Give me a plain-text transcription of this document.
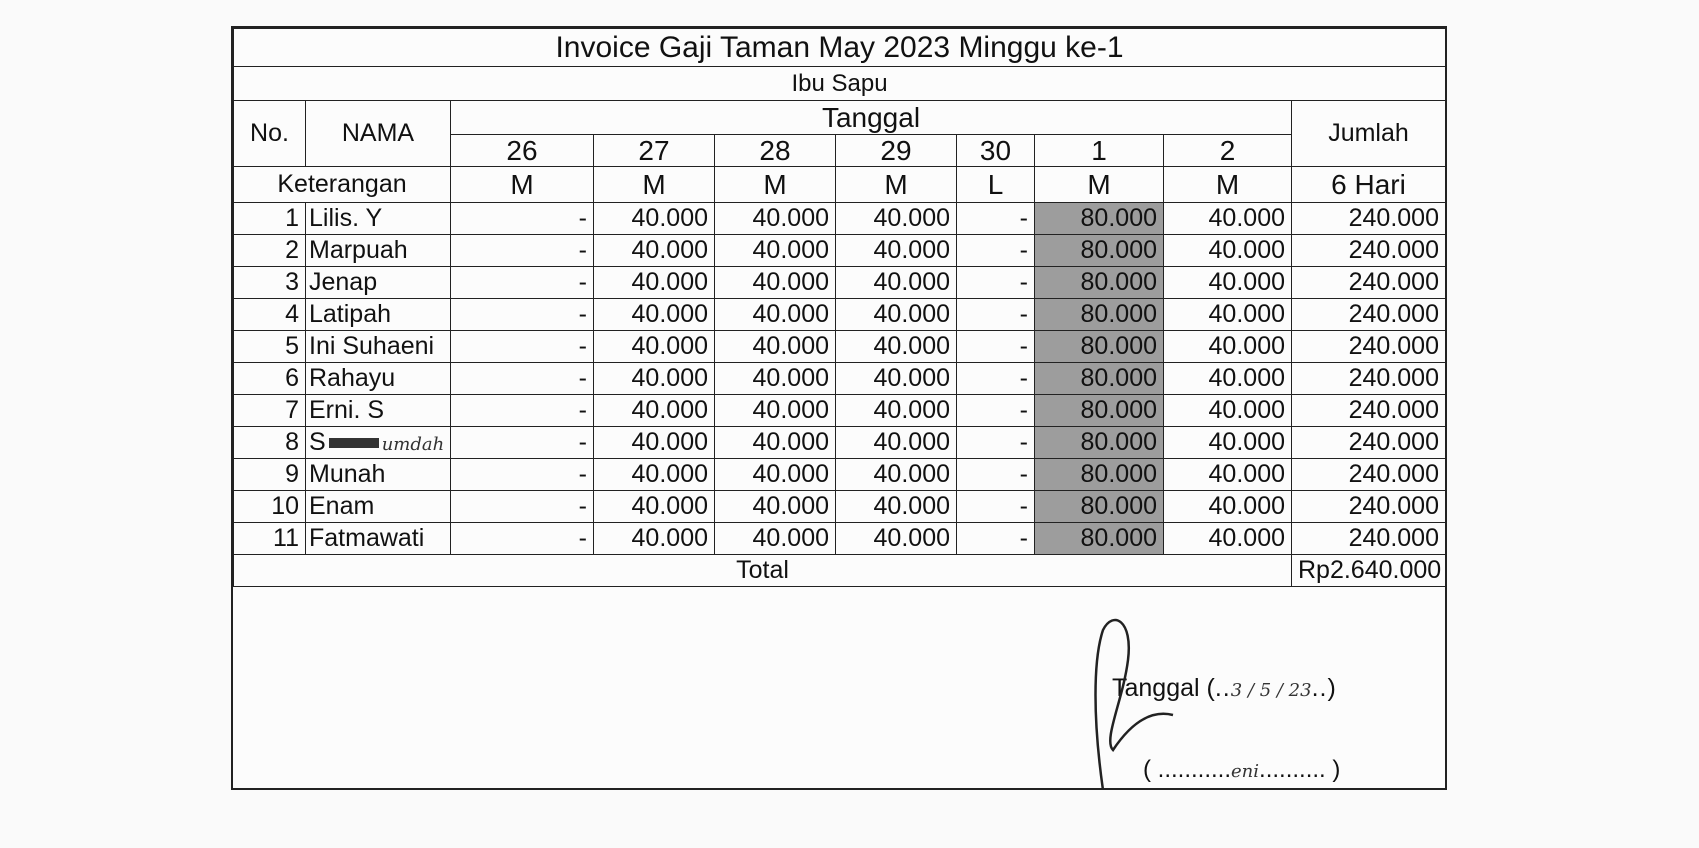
Invoice Gaji Taman May 2023 Minggu ke-1									
Ibu Sapu									
No.	NAMA	Tanggal							Jumlah
		26	27	28	29	30	1	2	
Keterangan		M	M	M	M	L	M	M	6 Hari
1	Lilis. Y	-	40.000	40.000	40.000	-	80.000	40.000	240.000
2	Marpuah	-	40.000	40.000	40.000	-	80.000	40.000	240.000
3	Jenap	-	40.000	40.000	40.000	-	80.000	40.000	240.000
4	Latipah	-	40.000	40.000	40.000	-	80.000	40.000	240.000
5	Ini Suhaeni	-	40.000	40.000	40.000	-	80.000	40.000	240.000
6	Rahayu	-	40.000	40.000	40.000	-	80.000	40.000	240.000
7	Erni. S	-	40.000	40.000	40.000	-	80.000	40.000	240.000
8	S umdah	-	40.000	40.000	40.000	-	80.000	40.000	240.000
9	Munah	-	40.000	40.000	40.000	-	80.000	40.000	240.000
10	Enam	-	40.000	40.000	40.000	-	80.000	40.000	240.000
11	Fatmawati	-	40.000	40.000	40.000	-	80.000	40.000	240.000
Total									Rp2.640.000
Tanggal (..3 / 5 / 23..)
( ...........eni.......... )
